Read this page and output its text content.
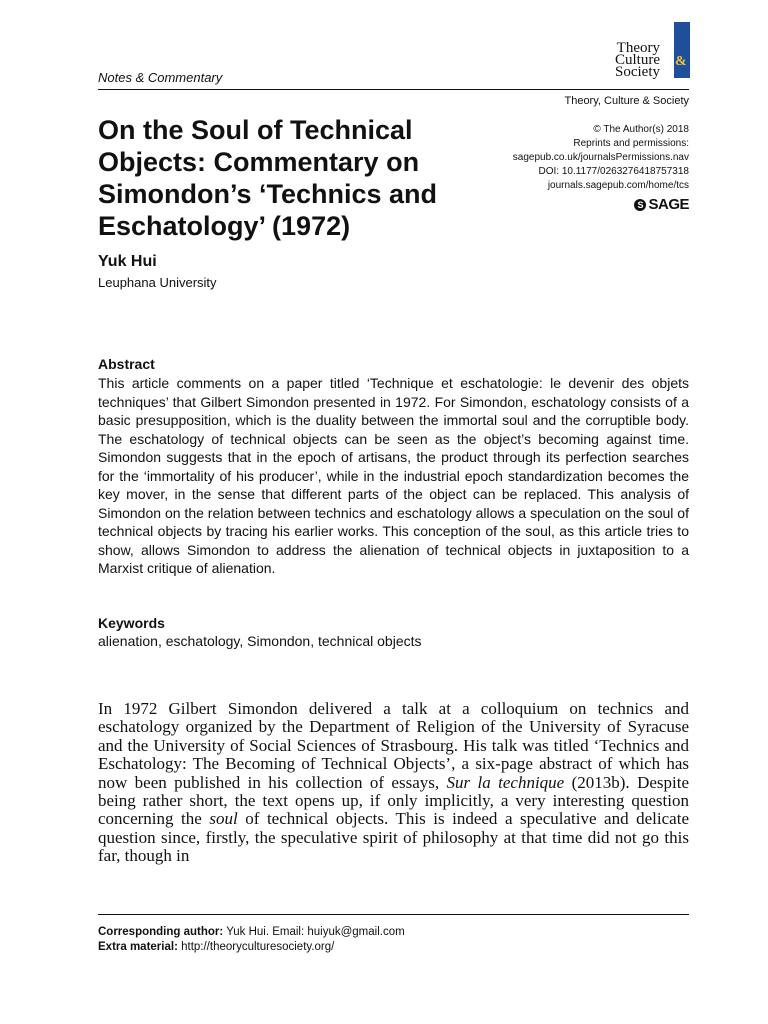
Notes & Commentary
Theory
Culture
Society
&
Theory, Culture & Society
© The Author(s) 2018
Reprints and permissions:
sagepub.co.uk/journalsPermissions.nav
DOI: 10.1177/0263276418757318
journals.sagepub.com/home/tcs
S SAGE
On the Soul of Technical Objects: Commentary on Simondon’s ‘Technics and Eschatology’ (1972)
Yuk Hui
Leuphana University
Abstract

This article comments on a paper titled ‘Technique et eschatologie: le devenir des objets techniques’ that Gilbert Simondon presented in 1972. For Simondon, eschatology consists of a basic presupposition, which is the duality between the immortal soul and the corruptible body. The eschatology of technical objects can be seen as the object’s becoming against time. Simondon suggests that in the epoch of artisans, the product through its perfection searches for the ‘immortality of his producer’, while in the industrial epoch standardization becomes the key mover, in the sense that different parts of the object can be replaced. This analysis of Simondon on the relation between technics and eschatology allows a speculation on the soul of technical objects by tracing his earlier works. This conception of the soul, as this article tries to show, allows Simondon to address the alienation of technical objects in juxtaposition to a Marxist critique of alienation.

Keywords
alienation, eschatology, Simondon, technical objects

In 1972 Gilbert Simondon delivered a talk at a colloquium on technics and eschatology organized by the Department of Religion of the University of Syracuse and the University of Social Sciences of Strasbourg. His talk was titled ‘Technics and Eschatology: The Becoming of Technical Objects’, a six-page abstract of which has now been published in his collection of essays, Sur la technique (2013b). Despite being rather short, the text opens up, if only implicitly, a very interesting question concerning the soul of technical objects. This is indeed a speculative and delicate question since, firstly, the speculative spirit of philosophy at that time did not go this far, though in

Corresponding author: Yuk Hui. Email: huiyuk@gmail.com
Extra material: http://theoryculturesociety.org/
